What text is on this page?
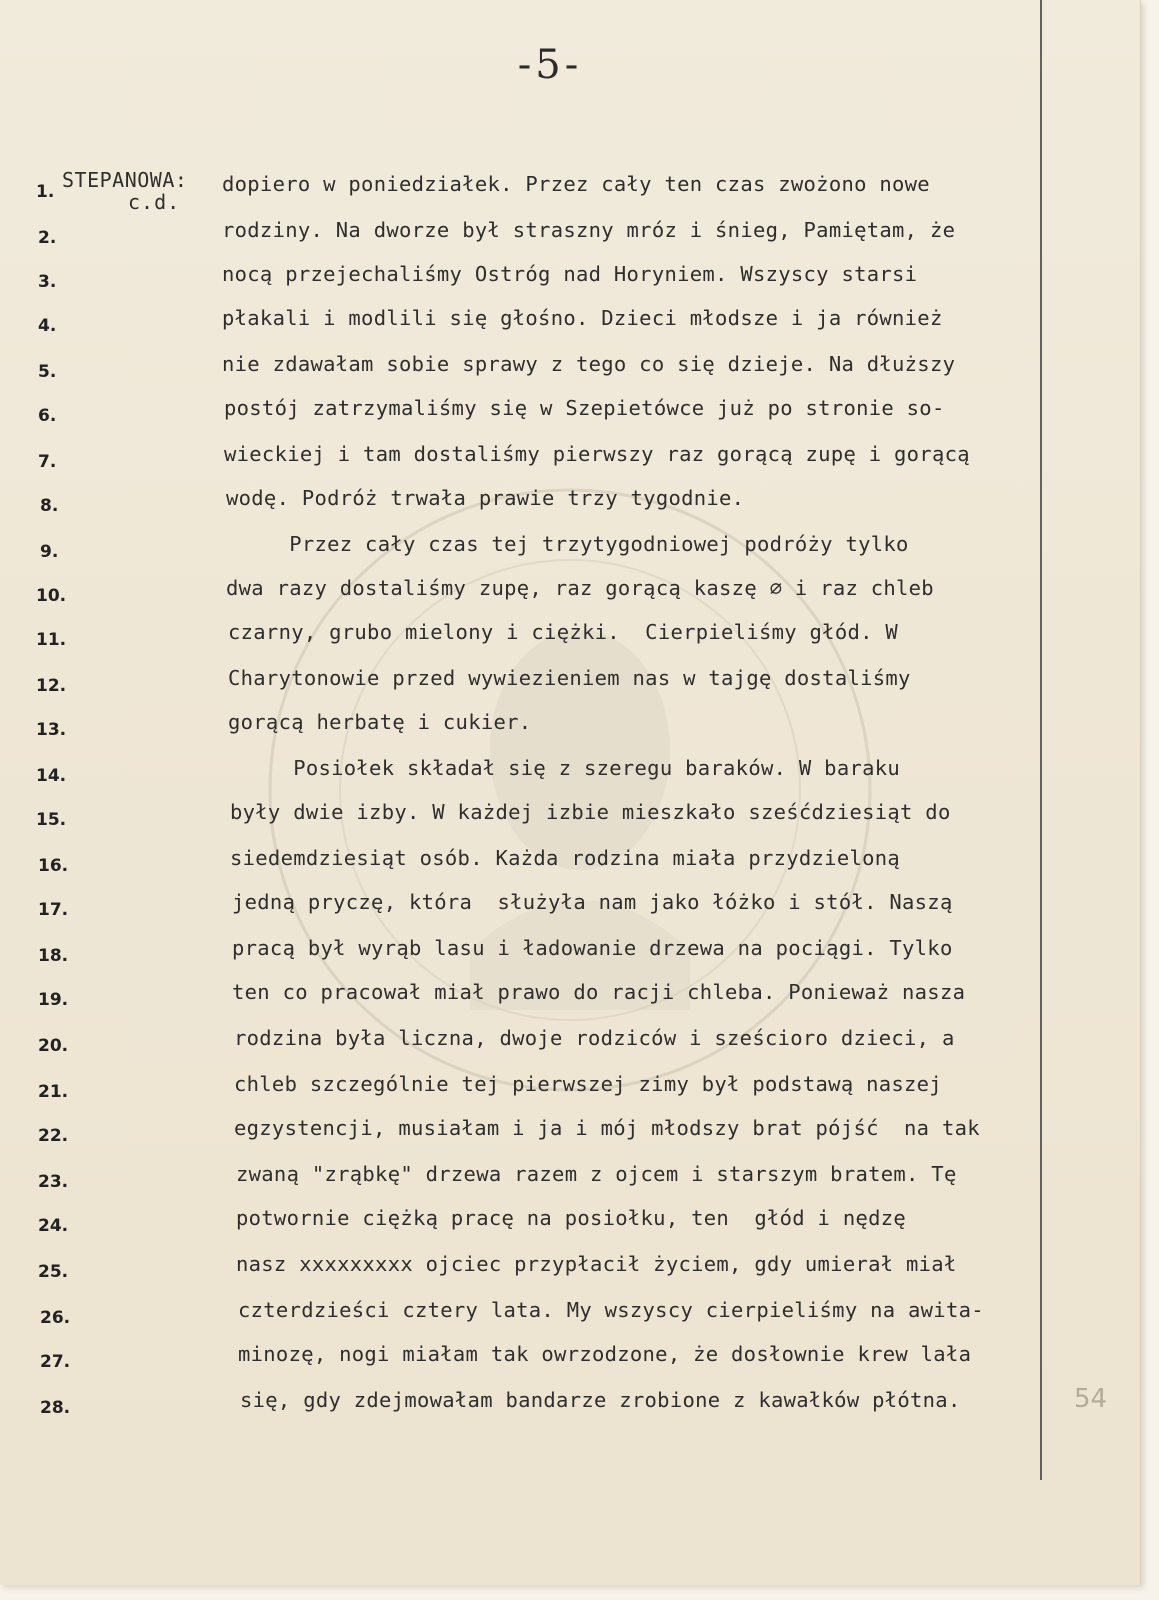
-5-
STEPANOWA:
c.d.
1.
2.
3.
4.
5.
6.
7.
8.
9.
10.
11.
12.
13.
14.
15.
16.
17.
18.
19.
20.
21.
22.
23.
24.
25.
26.
27.
28.
dopiero w poniedziałek. Przez cały ten czas zwożono nowe
rodziny. Na dworze był straszny mróz i śnieg, Pamiętam, że
nocą przejechaliśmy Ostróg nad Horyniem. Wszyscy starsi
płakali i modlili się głośno. Dzieci młodsze i ja również
nie zdawałam sobie sprawy z tego co się dzieje. Na dłuższy
postój zatrzymaliśmy się w Szepietówce już po stronie so-
wieckiej i tam dostaliśmy pierwszy raz gorącą zupę i gorącą
wodę. Podróż trwała prawie trzy tygodnie.
Przez cały czas tej trzytygodniowej podróży tylko
dwa razy dostaliśmy zupę, raz gorącą kaszę ∅ i raz chleb
czarny, grubo mielony i ciężki.  Cierpieliśmy głód. W
Charytonowie przed wywiezieniem nas w tajgę dostaliśmy
gorącą herbatę i cukier.
Posiołek składał się z szeregu baraków. W baraku
były dwie izby. W każdej izbie mieszkało sześćdziesiąt do
siedemdziesiąt osób. Każda rodzina miała przydzieloną
jedną pryczę, która  służyła nam jako łóżko i stół. Naszą
pracą był wyrąb lasu i ładowanie drzewa na pociągi. Tylko
ten co pracował miał prawo do racji chleba. Ponieważ nasza
rodzina była liczna, dwoje rodziców i sześcioro dzieci, a
chleb szczególnie tej pierwszej zimy był podstawą naszej
egzystencji, musiałam i ja i mój młodszy brat pójść  na tak
zwaną "zrąbkę" drzewa razem z ojcem i starszym bratem. Tę
potwornie ciężką pracę na posiołku, ten  głód i nędzę
nasz xxxxxxxxx ojciec przypłacił życiem, gdy umierał miał
czterdzieści cztery lata. My wszyscy cierpieliśmy na awita-
minozę, nogi miałam tak owrzodzone, że dosłownie krew lała
się, gdy zdejmowałam bandarze zrobione z kawałków płótna.	54
